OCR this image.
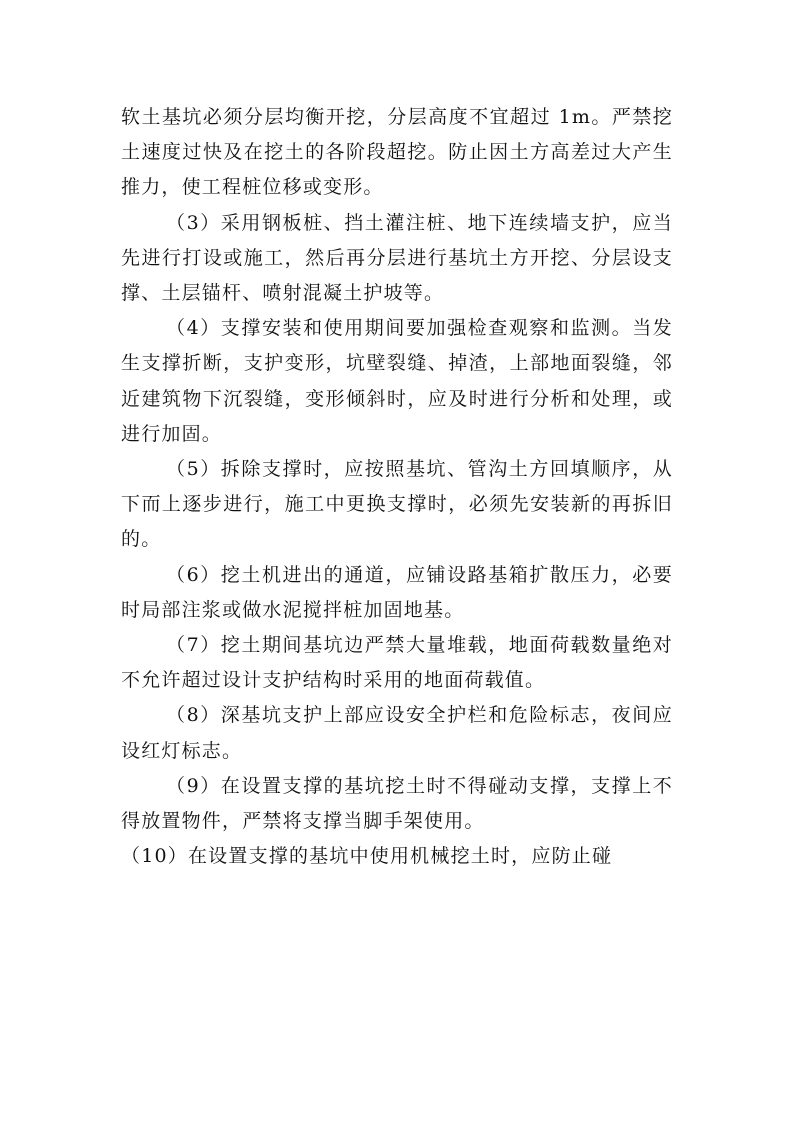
软土基坑必须分层均衡开挖，分层高度不宜超过 1m。严禁挖土速度过快及在挖土的各阶段超挖。防止因土方高差过大产生推力，使工程桩位移或变形。

（3）采用钢板桩、挡土灌注桩、地下连续墙支护，应当先进行打设或施工，然后再分层进行基坑土方开挖、分层设支撑、土层锚杆、喷射混凝土护坡等。

（4）支撑安装和使用期间要加强检查观察和监测。当发生支撑折断，支护变形，坑壁裂缝、掉渣，上部地面裂缝，邻近建筑物下沉裂缝，变形倾斜时，应及时进行分析和处理，或进行加固。

（5）拆除支撑时，应按照基坑、管沟土方回填顺序，从下而上逐步进行，施工中更换支撑时，必须先安装新的再拆旧的。

（6）挖土机进出的通道，应铺设路基箱扩散压力，必要时局部注浆或做水泥搅拌桩加固地基。

（7）挖土期间基坑边严禁大量堆载，地面荷载数量绝对不允许超过设计支护结构时采用的地面荷载值。

（8）深基坑支护上部应设安全护栏和危险标志，夜间应设红灯标志。

（9）在设置支撑的基坑挖土时不得碰动支撑，支撑上不得放置物件，严禁将支撑当脚手架使用。

（10）在设置支撑的基坑中使用机械挖土时，应防止碰
